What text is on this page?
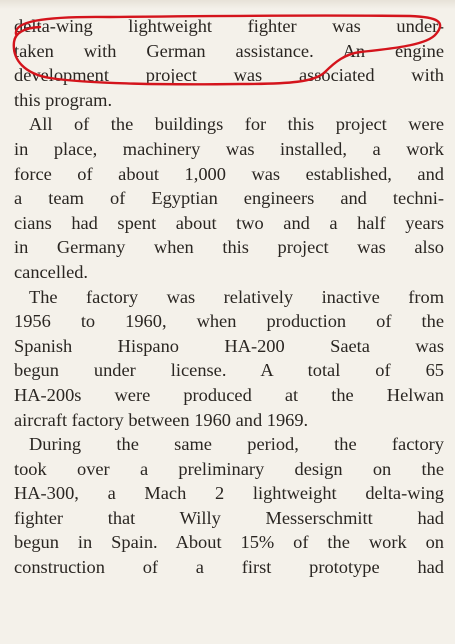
delta-wing lightweight fighter was under-
taken with German assistance. An engine
development project was associated with
this program.
All of the buildings for this project were
in place, machinery was installed, a work
force of about 1,000 was established, and
a team of Egyptian engineers and techni-
cians had spent about two and a half years
in Germany when this project was also
cancelled.
The factory was relatively inactive from
1956 to 1960, when production of the
Spanish Hispano HA-200 Saeta was
begun under license. A total of 65
HA-200s were produced at the Helwan
aircraft factory between 1960 and 1969.
During the same period, the factory
took over a preliminary design on the
HA-300, a Mach 2 lightweight delta-wing
fighter that Willy Messerschmitt had
begun in Spain. About 15% of the work on
construction of a first prototype had
